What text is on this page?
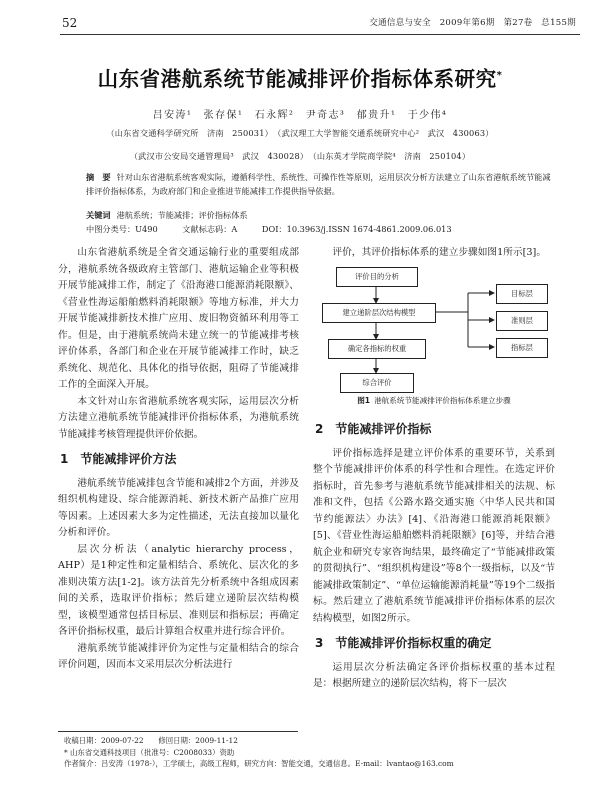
52	交通信息与安全　2009年第6期　第27卷　总155期
山东省港航系统节能减排评价指标体系研究*
吕安涛¹　张存保¹　石永辉²　尹奇志³　郁贵升¹　于少伟⁴
（山东省交通科学研究所　济南　250031）　（武汉理工大学智能交通系统研究中心²　武汉　430063）
（武汉市公安局交通管理局³　武汉　430028）　（山东英才学院商学院⁴　济南　250104）
摘　要 针对山东省港航系统客观实际，遵循科学性、系统性、可操作性等原则，运用层次分析方法建立了山东省港航系统节能减排评价指标体系，为政府部门和企业推进节能减排工作提供指导依据。
关键词 港航系统；节能减排；评价指标体系
中图分类号：U490	文献标志码：A	DOI：10.3963/j.ISSN 1674-4861.2009.06.013

山东省港航系统是全省交通运输行业的重要组成部分，港航系统各级政府主管部门、港航运输企业等积极开展节能减排工作，制定了《沿海港口能源消耗限额》、《营业性海运船舶燃料消耗限额》等地方标准，并大力开展节能减排新技术推广应用、废旧物资循环利用等工作。但是，由于港航系统尚未建立统一的节能减排考核评价体系，各部门和企业在开展节能减排工作时，缺乏系统化、规范化、具体化的指导依据，阻碍了节能减排工作的全面深入开展。

本文针对山东省港航系统客观实际，运用层次分析方法建立港航系统节能减排评价指标体系，为港航系统节能减排考核管理提供评价依据。

1 节能减排评价方法

港航系统节能减排包含节能和减排2个方面，并涉及组织机构建设、综合能源消耗、新技术新产品推广应用等因素。上述因素大多为定性描述，无法直接加以量化分析和评价。

层次分析法（analytic hierarchy process，AHP）是1种定性和定量相结合、系统化、层次化的多准则决策方法[1-2]。该方法首先分析系统中各组成因素间的关系，选取评价指标；然后建立递阶层次结构模型，该模型通常包括目标层、准则层和指标层；再确定各评价指标权重，最后计算组合权重并进行综合评价。

港航系统节能减排评价为定性与定量相结合的综合评价问题，因而本文采用层次分析法进行

评价，其评价指标体系的建立步骤如图1所示[3]。

评价目的分析
建立递阶层次结构模型
确定各指标的权重
综合评价
目标层
准则层
指标层
图1 港航系统节能减排评价指标体系建立步骤
2 节能减排评价指标

评价指标选择是建立评价体系的重要环节，关系到整个节能减排评价体系的科学性和合理性。在选定评价指标时，首先参考与港航系统节能减排相关的法规、标准和文件，包括《公路水路交通实施〈中华人民共和国节约能源法〉办法》[4]、《沿海港口能源消耗限额》[5]、《营业性海运船舶燃料消耗限额》[6]等，并结合港航企业和研究专家咨询结果，最终确定了“节能减排政策的贯彻执行”、“组织机构建设”等8个一级指标，以及“节能减排政策制定”、“单位运输能源消耗量”等19个二级指标。然后建立了港航系统节能减排评价指标体系的层次结构模型，如图2所示。

3 节能减排评价指标权重的确定

运用层次分析法确定各评价指标权重的基本过程是：根据所建立的递阶层次结构，将下一层次

收稿日期：2009-07-22　　修回日期：2009-11-12
* 山东省交通科技项目（批准号：C2008033）资助
作者简介：吕安涛（1978-），工学硕士，高级工程师，研究方向：智能交通，交通信息。E-mail：lvantao@163.com
